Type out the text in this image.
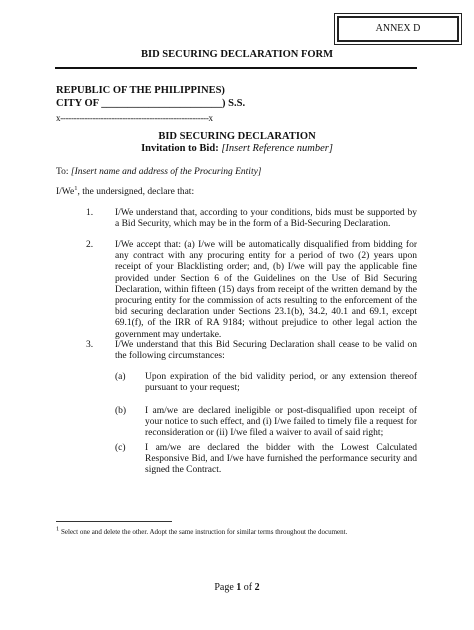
ANNEX D
BID SECURING DECLARATION FORM
REPUBLIC OF THE PHILIPPINES)
CITY OF _______________________) S.S.
x-------------------------------------------------------x
BID SECURING DECLARATION
Invitation to Bid: [Insert Reference number]
To: [Insert name and address of the Procuring Entity]
I/We$^1$, the undersigned, declare that:
1. I/We understand that, according to your conditions, bids must be supported by a Bid Security, which may be in the form of a Bid-Securing Declaration.
2. I/We accept that: (a) I/we will be automatically disqualified from bidding for any contract with any procuring entity for a period of two (2) years upon receipt of your Blacklisting order; and, (b) I/we will pay the applicable fine provided under Section 6 of the Guidelines on the Use of Bid Securing Declaration, within fifteen (15) days from receipt of the written demand by the procuring entity for the commission of acts resulting to the enforcement of the bid securing declaration under Sections 23.1(b), 34.2, 40.1 and 69.1, except 69.1(f), of the IRR of RA 9184; without prejudice to other legal action the government may undertake.
3. I/We understand that this Bid Securing Declaration shall cease to be valid on the following circumstances:
(a) Upon expiration of the bid validity period, or any extension thereof pursuant to your request;
(b) I am/we are declared ineligible or post-disqualified upon receipt of your notice to such effect, and (i) I/we failed to timely file a request for reconsideration or (ii) I/we filed a waiver to avail of said right;
(c) I am/we are declared the bidder with the Lowest Calculated Responsive Bid, and I/we have furnished the performance security and signed the Contract.
$^1$ Select one and delete the other. Adopt the same instruction for similar terms throughout the document.
Page 1 of 2
